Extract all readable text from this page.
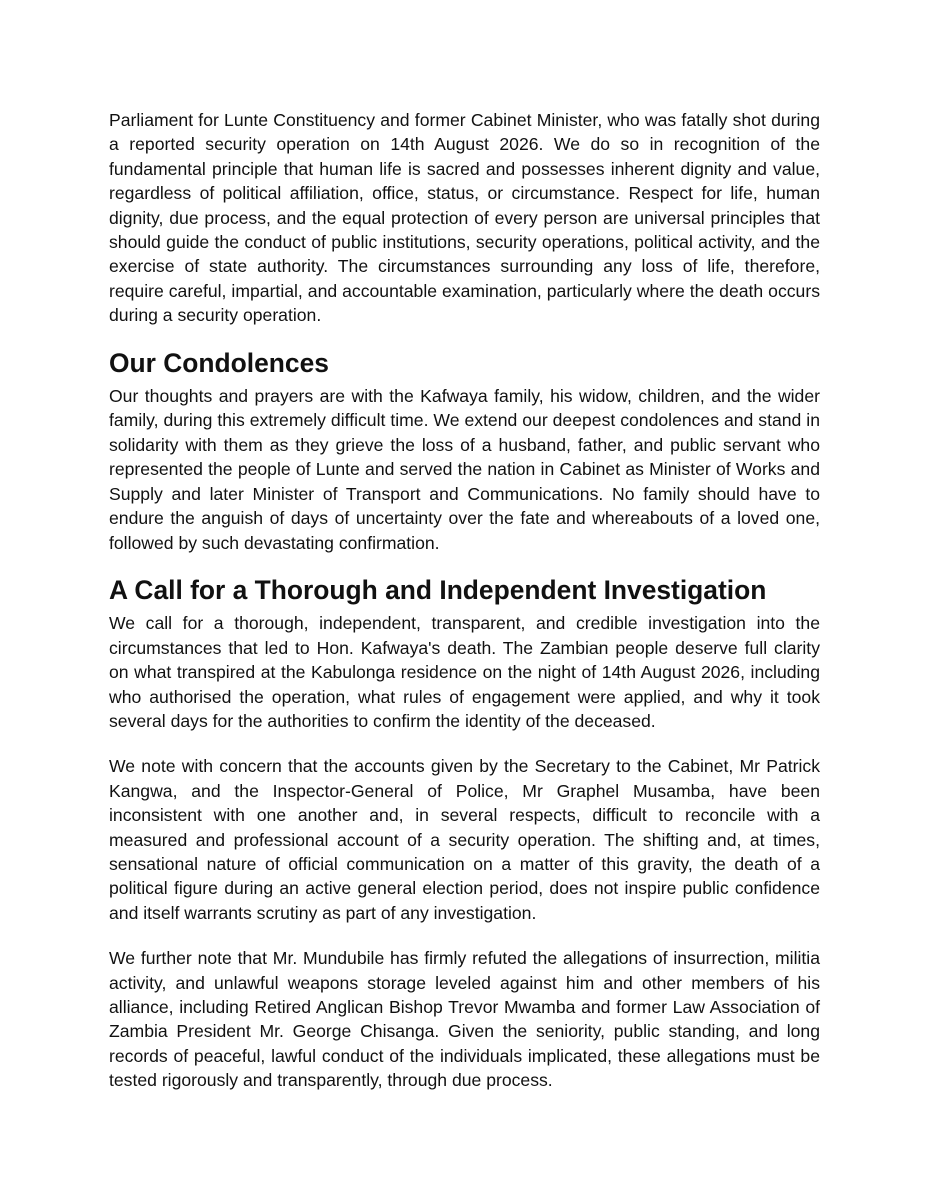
Parliament for Lunte Constituency and former Cabinet Minister, who was fatally shot during a reported security operation on 14th August 2026. We do so in recognition of the fundamental principle that human life is sacred and possesses inherent dignity and value, regardless of political affiliation, office, status, or circumstance. Respect for life, human dignity, due process, and the equal protection of every person are universal principles that should guide the conduct of public institutions, security operations, political activity, and the exercise of state authority. The circumstances surrounding any loss of life, therefore, require careful, impartial, and accountable examination, particularly where the death occurs during a security operation.

Our Condolences

Our thoughts and prayers are with the Kafwaya family, his widow, children, and the wider family, during this extremely difficult time. We extend our deepest condolences and stand in solidarity with them as they grieve the loss of a husband, father, and public servant who represented the people of Lunte and served the nation in Cabinet as Minister of Works and Supply and later Minister of Transport and Communications. No family should have to endure the anguish of days of uncertainty over the fate and whereabouts of a loved one, followed by such devastating confirmation.

A Call for a Thorough and Independent Investigation

We call for a thorough, independent, transparent, and credible investigation into the circumstances that led to Hon. Kafwaya's death. The Zambian people deserve full clarity on what transpired at the Kabulonga residence on the night of 14th August 2026, including who authorised the operation, what rules of engagement were applied, and why it took several days for the authorities to confirm the identity of the deceased.

We note with concern that the accounts given by the Secretary to the Cabinet, Mr Patrick Kangwa, and the Inspector-General of Police, Mr Graphel Musamba, have been inconsistent with one another and, in several respects, difficult to reconcile with a measured and professional account of a security operation. The shifting and, at times, sensational nature of official communication on a matter of this gravity, the death of a political figure during an active general election period, does not inspire public confidence and itself warrants scrutiny as part of any investigation.

We further note that Mr. Mundubile has firmly refuted the allegations of insurrection, militia activity, and unlawful weapons storage leveled against him and other members of his alliance, including Retired Anglican Bishop Trevor Mwamba and former Law Association of Zambia President Mr. George Chisanga. Given the seniority, public standing, and long records of peaceful, lawful conduct of the individuals implicated, these allegations must be tested rigorously and transparently, through due process.
